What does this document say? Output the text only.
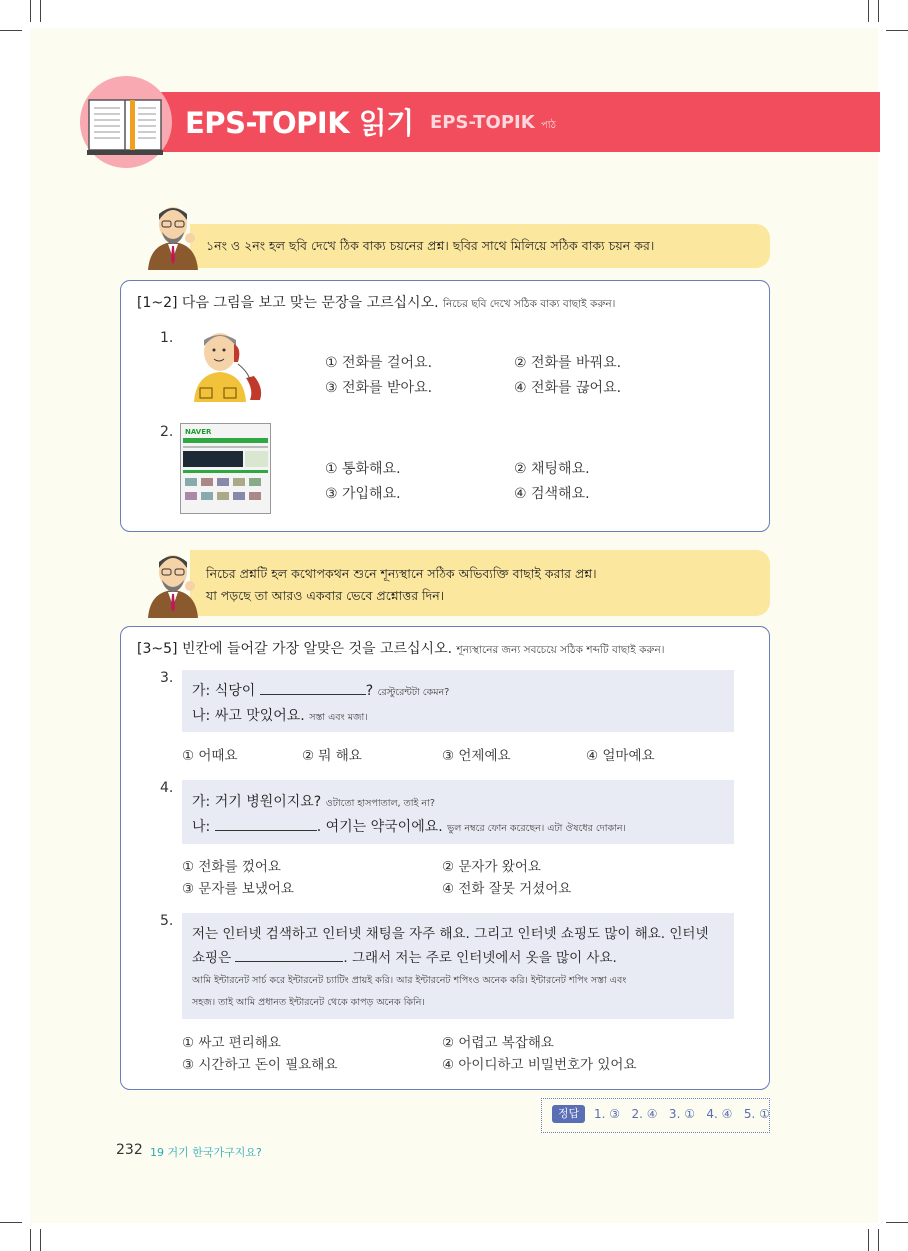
EPS-TOPIK 읽기 EPS-TOPIK পাঠ
১নং ও ২নং হল ছবি দেখে ঠিক বাক্য চয়নের প্রশ্ন। ছবির সাথে মিলিয়ে সঠিক বাক্য চয়ন কর।
[1~2] 다음 그림을 보고 맞는 문장을 고르십시오. নিচের ছবি দেখে সঠিক বাক্য বাছাই করুন।
1.
① 전화를 걸어요.	② 전화를 바꿔요.
③ 전화를 받아요.	④ 전화를 끊어요.
2. NAVER
① 통화해요.	② 채팅해요.
③ 가입해요.	④ 검색해요.
নিচের প্রশ্নটি হল কথোপকথন শুনে শূন্যস্থানে সঠিক অভিব্যক্তি বাছাই করার প্রশ্ন।
যা পড়ছে তা আরও একবার ভেবে প্রশ্নোত্তর দিন।
[3~5] 빈칸에 들어갈 가장 알맞은 것을 고르십시오. শূন্যস্থানের জন্য সবচেয়ে সঠিক শব্দটি বাছাই করুন।
3.
가: 식당이	? রেস্টুরেন্টটা কেমন?
나: 싸고 맛있어요. সস্তা এবং মজা।
① 어때요	② 뭐 해요	③ 언제예요	④ 얼마예요
4.
가: 거기 병원이지요? ওটাতো হাসপাতাল, তাই না?
나:	. 여기는 약국이에요. ভুল নম্বরে ফোন করেছেন। এটা ঔষধের দোকান।
① 전화를 껐어요	② 문자가 왔어요
③ 문자를 보냈어요	④ 전화 잘못 거셨어요
5.
저는 인터넷 검색하고 인터넷 채팅을 자주 해요. 그리고 인터넷 쇼핑도 많이 해요. 인터넷
쇼핑은	. 그래서 저는 주로 인터넷에서 옷을 많이 사요.
আমি ইন্টারনেট সার্চ করে ইন্টারনেট চ্যাটিং প্রায়ই করি। আর ইন্টারনেট শপিংও অনেক করি। ইন্টারনেট শপিং সস্তা এবং
সহজ। তাই আমি প্রধানত ইন্টারনেট থেকে কাপড় অনেক কিনি।
① 싸고 편리해요	② 어렵고 복잡해요
③ 시간하고 돈이 필요해요	④ 아이디하고 비밀번호가 있어요
정답	1. ③   2. ④   3. ①   4. ④   5. ①
232 19 거기 한국가구지요?
